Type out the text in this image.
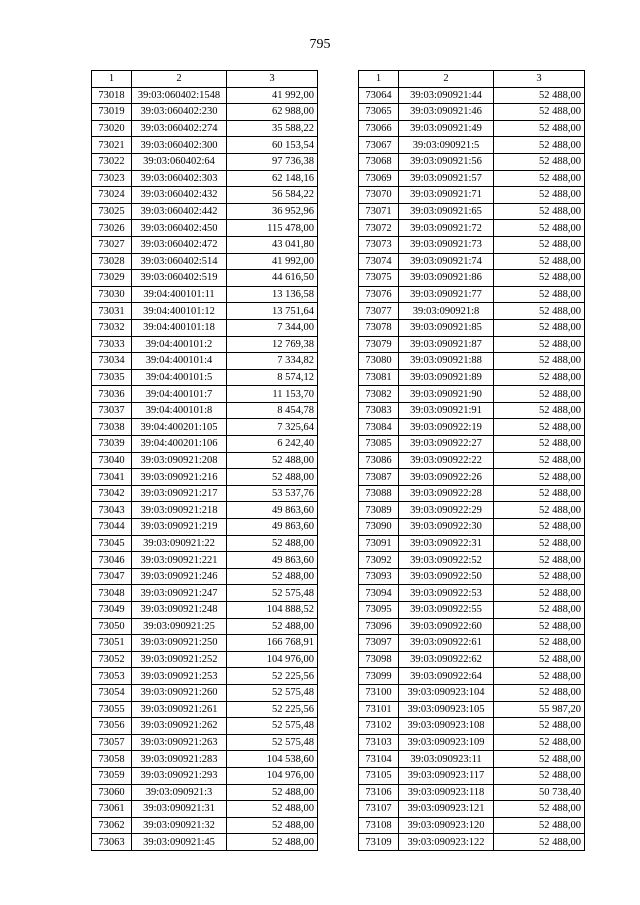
795
1	2	3
73018	39:03:060402:1548	41 992,00
73019	39:03:060402:230	62 988,00
73020	39:03:060402:274	35 588,22
73021	39:03:060402:300	60 153,54
73022	39:03:060402:64	97 736,38
73023	39:03:060402:303	62 148,16
73024	39:03:060402:432	56 584,22
73025	39:03:060402:442	36 952,96
73026	39:03:060402:450	115 478,00
73027	39:03:060402:472	43 041,80
73028	39:03:060402:514	41 992,00
73029	39:03:060402:519	44 616,50
73030	39:04:400101:11	13 136,58
73031	39:04:400101:12	13 751,64
73032	39:04:400101:18	7 344,00
73033	39:04:400101:2	12 769,38
73034	39:04:400101:4	7 334,82
73035	39:04:400101:5	8 574,12
73036	39:04:400101:7	11 153,70
73037	39:04:400101:8	8 454,78
73038	39:04:400201:105	7 325,64
73039	39:04:400201:106	6 242,40
73040	39:03:090921:208	52 488,00
73041	39:03:090921:216	52 488,00
73042	39:03:090921:217	53 537,76
73043	39:03:090921:218	49 863,60
73044	39:03:090921:219	49 863,60
73045	39:03:090921:22	52 488,00
73046	39:03:090921:221	49 863,60
73047	39:03:090921:246	52 488,00
73048	39:03:090921:247	52 575,48
73049	39:03:090921:248	104 888,52
73050	39:03:090921:25	52 488,00
73051	39:03:090921:250	166 768,91
73052	39:03:090921:252	104 976,00
73053	39:03:090921:253	52 225,56
73054	39:03:090921:260	52 575,48
73055	39:03:090921:261	52 225,56
73056	39:03:090921:262	52 575,48
73057	39:03:090921:263	52 575,48
73058	39:03:090921:283	104 538,60
73059	39:03:090921:293	104 976,00
73060	39:03:090921:3	52 488,00
73061	39:03:090921:31	52 488,00
73062	39:03:090921:32	52 488,00
73063	39:03:090921:45	52 488,00
1	2	3
73064	39:03:090921:44	52 488,00
73065	39:03:090921:46	52 488,00
73066	39:03:090921:49	52 488,00
73067	39:03:090921:5	52 488,00
73068	39:03:090921:56	52 488,00
73069	39:03:090921:57	52 488,00
73070	39:03:090921:71	52 488,00
73071	39:03:090921:65	52 488,00
73072	39:03:090921:72	52 488,00
73073	39:03:090921:73	52 488,00
73074	39:03:090921:74	52 488,00
73075	39:03:090921:86	52 488,00
73076	39:03:090921:77	52 488,00
73077	39:03:090921:8	52 488,00
73078	39:03:090921:85	52 488,00
73079	39:03:090921:87	52 488,00
73080	39:03:090921:88	52 488,00
73081	39:03:090921:89	52 488,00
73082	39:03:090921:90	52 488,00
73083	39:03:090921:91	52 488,00
73084	39:03:090922:19	52 488,00
73085	39:03:090922:27	52 488,00
73086	39:03:090922:22	52 488,00
73087	39:03:090922:26	52 488,00
73088	39:03:090922:28	52 488,00
73089	39:03:090922:29	52 488,00
73090	39:03:090922:30	52 488,00
73091	39:03:090922:31	52 488,00
73092	39:03:090922:52	52 488,00
73093	39:03:090922:50	52 488,00
73094	39:03:090922:53	52 488,00
73095	39:03:090922:55	52 488,00
73096	39:03:090922:60	52 488,00
73097	39:03:090922:61	52 488,00
73098	39:03:090922:62	52 488,00
73099	39:03:090922:64	52 488,00
73100	39:03:090923:104	52 488,00
73101	39:03:090923:105	55 987,20
73102	39:03:090923:108	52 488,00
73103	39:03:090923:109	52 488,00
73104	39:03:090923:11	52 488,00
73105	39:03:090923:117	52 488,00
73106	39:03:090923:118	50 738,40
73107	39:03:090923:121	52 488,00
73108	39:03:090923:120	52 488,00
73109	39:03:090923:122	52 488,00
